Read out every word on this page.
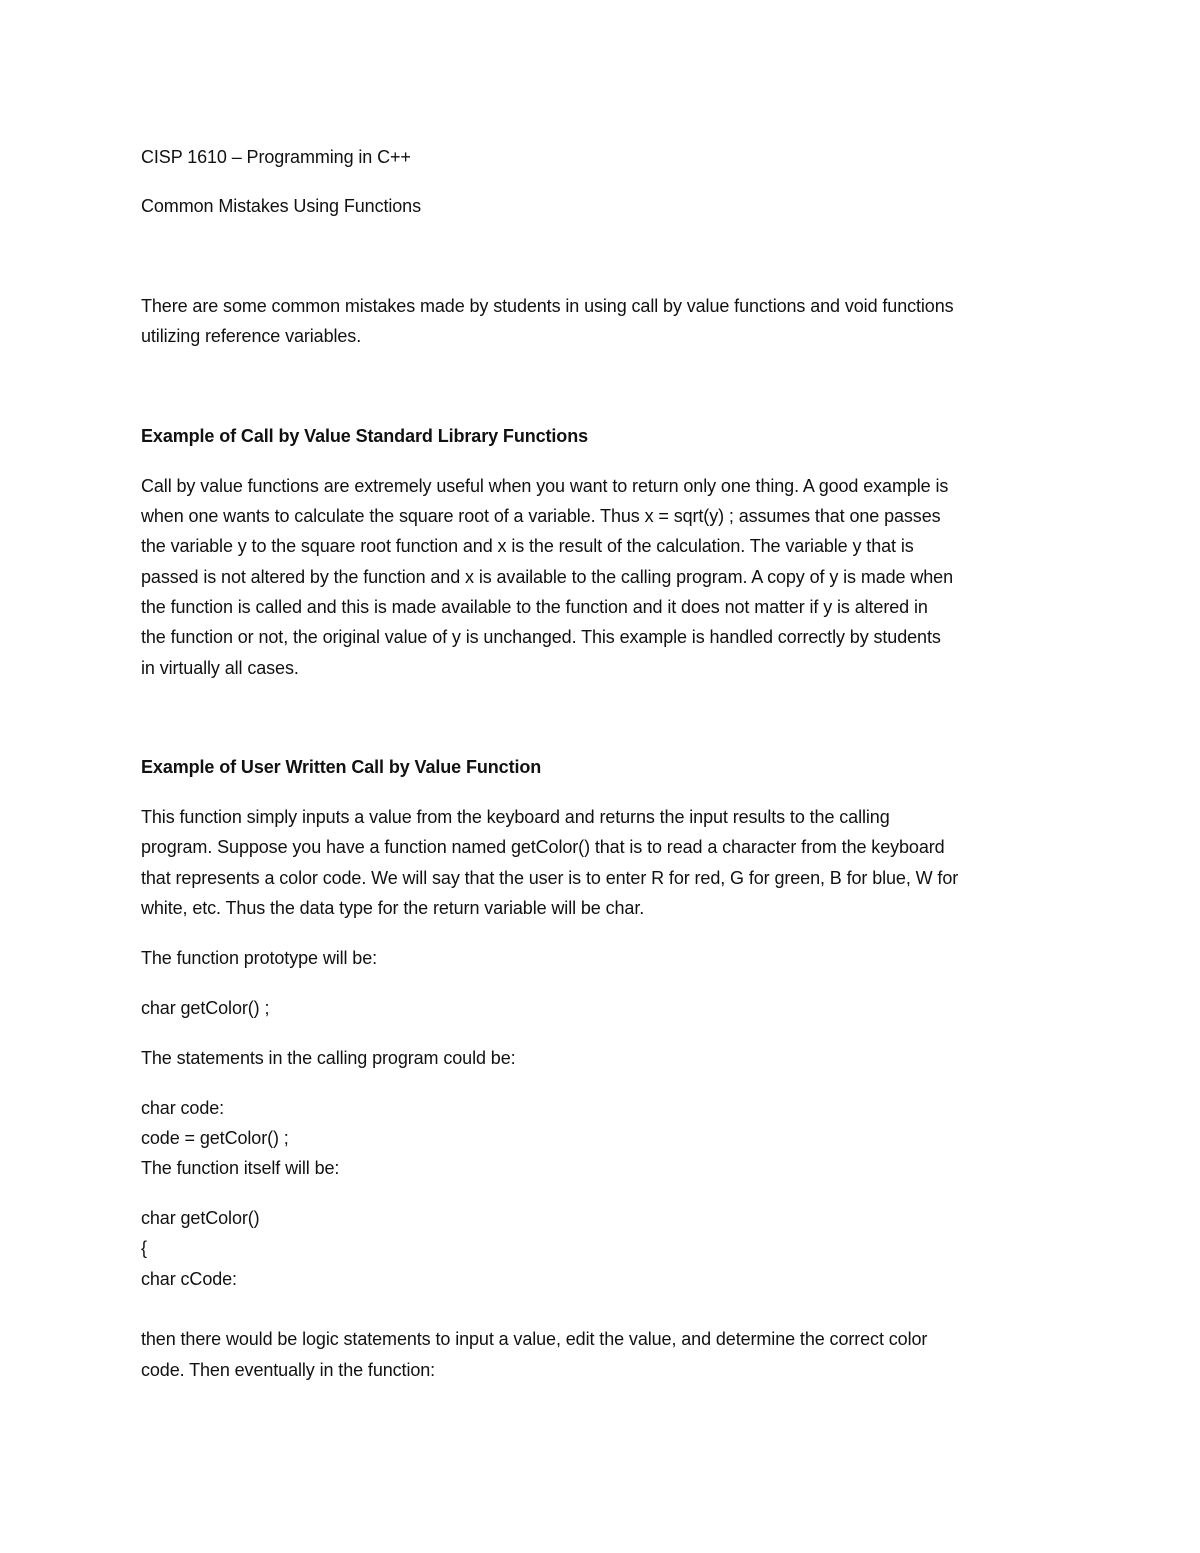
CISP 1610 – Programming in C++

Common Mistakes Using Functions

There are some common mistakes made by students in using call by value functions and void functions

utilizing reference variables.

Example of Call by Value Standard Library Functions

Call by value functions are extremely useful when you want to return only one thing. A good example is

when one wants to calculate the square root of a variable. Thus x = sqrt(y) ; assumes that one passes

the variable y to the square root function and x is the result of the calculation. The variable y that is

passed is not altered by the function and x is available to the calling program. A copy of y is made when

the function is called and this is made available to the function and it does not matter if y is altered in

the function or not, the original value of y is unchanged. This example is handled correctly by students

in virtually all cases.

Example of User Written Call by Value Function

This function simply inputs a value from the keyboard and returns the input results to the calling

program. Suppose you have a function named getColor() that is to read a character from the keyboard

that represents a color code. We will say that the user is to enter R for red, G for green, B for blue, W for

white, etc. Thus the data type for the return variable will be char.

The function prototype will be:

char getColor() ;

The statements in the calling program could be:

char code:

code = getColor() ;

The function itself will be:

char getColor()

{

char cCode:

then there would be logic statements to input a value, edit the value, and determine the correct color

code. Then eventually in the function:
